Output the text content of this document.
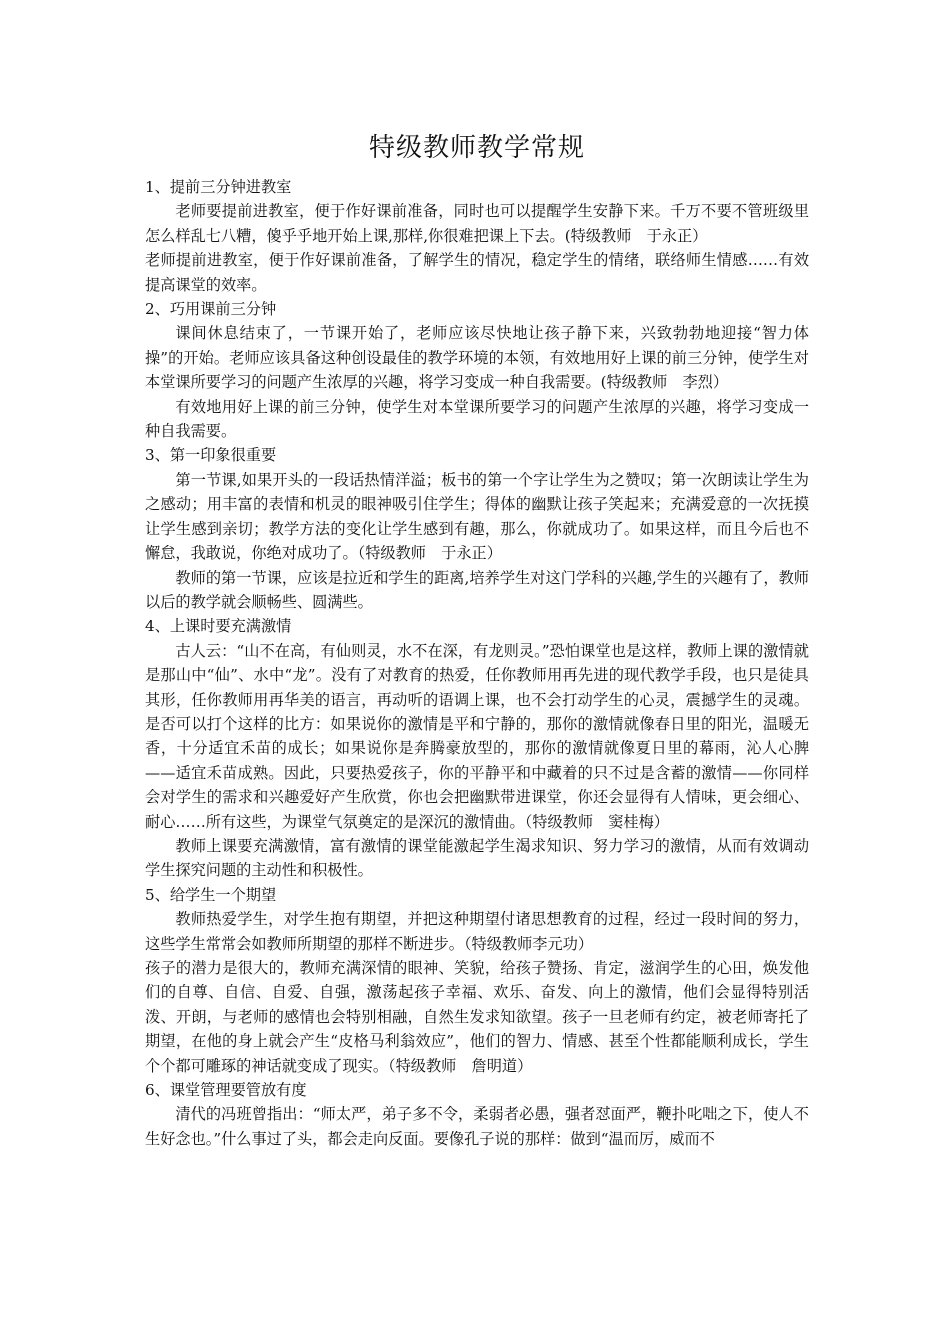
特级教师教学常规

1、提前三分钟进教室

老师要提前进教室，便于作好课前准备，同时也可以提醒学生安静下来。千万不要不管班级里怎么样乱七八糟，傻乎乎地开始上课,那样,你很难把课上下去。(特级教师　于永正）

老师提前进教室，便于作好课前准备，了解学生的情况，稳定学生的情绪，联络师生情感……有效提高课堂的效率。

2、巧用课前三分钟

课间休息结束了，一节课开始了，老师应该尽快地让孩子静下来，兴致勃勃地迎接“智力体操”的开始。老师应该具备这种创设最佳的教学环境的本领，有效地用好上课的前三分钟，使学生对本堂课所要学习的问题产生浓厚的兴趣，将学习变成一种自我需要。(特级教师　李烈）

有效地用好上课的前三分钟，使学生对本堂课所要学习的问题产生浓厚的兴趣，将学习变成一种自我需要。

3、第一印象很重要

第一节课,如果开头的一段话热情洋溢；板书的第一个字让学生为之赞叹；第一次朗读让学生为之感动；用丰富的表情和机灵的眼神吸引住学生；得体的幽默让孩子笑起来；充满爱意的一次抚摸让学生感到亲切；教学方法的变化让学生感到有趣，那么，你就成功了。如果这样，而且今后也不懈怠，我敢说，你绝对成功了。（特级教师　于永正）

教师的第一节课，应该是拉近和学生的距离,培养学生对这门学科的兴趣,学生的兴趣有了，教师以后的教学就会顺畅些、圆满些。

4、上课时要充满激情

古人云：“山不在高，有仙则灵，水不在深，有龙则灵。”恐怕课堂也是这样，教师上课的激情就是那山中“仙”、水中“龙”。没有了对教育的热爱，任你教师用再先进的现代教学手段，也只是徒具其形，任你教师用再华美的语言，再动听的语调上课，也不会打动学生的心灵，震撼学生的灵魂。是否可以打个这样的比方：如果说你的激情是平和宁静的，那你的激情就像春日里的阳光，温暖无香，十分适宜禾苗的成长；如果说你是奔腾豪放型的，那你的激情就像夏日里的幕雨，沁人心脾——适宜禾苗成熟。因此，只要热爱孩子，你的平静平和中藏着的只不过是含蓄的激情——你同样会对学生的需求和兴趣爱好产生欣赏，你也会把幽默带进课堂，你还会显得有人情味，更会细心、耐心……所有这些，为课堂气氛奠定的是深沉的激情曲。（特级教师　窦桂梅）

教师上课要充满激情，富有激情的课堂能激起学生渴求知识、努力学习的激情，从而有效调动学生探究问题的主动性和积极性。

5、给学生一个期望

教师热爱学生，对学生抱有期望，并把这种期望付诸思想教育的过程，经过一段时间的努力，这些学生常常会如教师所期望的那样不断进步。（特级教师李元功）

孩子的潜力是很大的，教师充满深情的眼神、笑貌，给孩子赞扬、肯定，滋润学生的心田，焕发他们的自尊、自信、自爱、自强，激荡起孩子幸福、欢乐、奋发、向上的激情，他们会显得特别活泼、开朗，与老师的感情也会特别相融，自然生发求知欲望。孩子一旦老师有约定，被老师寄托了期望，在他的身上就会产生“皮格马利翁效应”，他们的智力、情感、甚至个性都能顺利成长，学生个个都可雕琢的神话就变成了现实。（特级教师　詹明道）

6、课堂管理要管放有度

清代的冯班曾指出：“师太严，弟子多不令，柔弱者必愚，强者怼面严，鞭扑叱咄之下，使人不生好念也。”什么事过了头，都会走向反面。要像孔子说的那样：做到“温而厉，威而不
